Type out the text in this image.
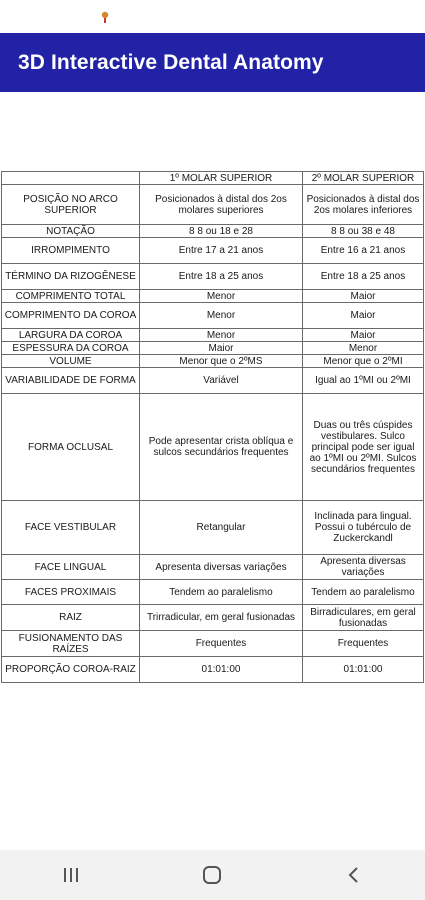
3D Interactive Dental Anatomy
	1º MOLAR SUPERIOR	2º MOLAR SUPERIOR
POSIÇÃO NO ARCO SUPERIOR	Posicionados à distal dos 2os molares superiores	Posicionados à distal dos 2os molares inferiores
NOTAÇÃO	8 8 ou 18 e 28	8 8 ou 38 e 48
IRROMPIMENTO	Entre 17 a 21 anos	Entre 16 a 21 anos
TÉRMINO DA RIZOGÊNESE	Entre 18 a 25 anos	Entre 18 a 25 anos
COMPRIMENTO TOTAL	Menor	Maior
COMPRIMENTO DA COROA	Menor	Maior
LARGURA DA COROA	Menor	Maior
ESPESSURA DA COROA	Maior	Menor
VOLUME	Menor que o 2ºMS	Menor que o 2ºMI
VARIABILIDADE DE FORMA	Variável	Igual ao 1ºMI ou 2ºMI
FORMA OCLUSAL	Pode apresentar crista oblíqua e sulcos secundários frequentes	Duas ou três cúspides vestibulares. Sulco principal pode ser igual ao 1ºMI ou 2ºMI. Sulcos secundários frequentes
FACE VESTIBULAR	Retangular	Inclinada para lingual. Possui o tubérculo de Zuckerckandl
FACE LINGUAL	Apresenta diversas variações	Apresenta diversas variações
FACES PROXIMAIS	Tendem ao paralelismo	Tendem ao paralelismo
RAIZ	Trirradicular, em geral fusionadas	Birradiculares, em geral fusionadas
FUSIONAMENTO DAS RAÍZES	Frequentes	Frequentes
PROPORÇÃO COROA-RAIZ	01:01:00	01:01:00
